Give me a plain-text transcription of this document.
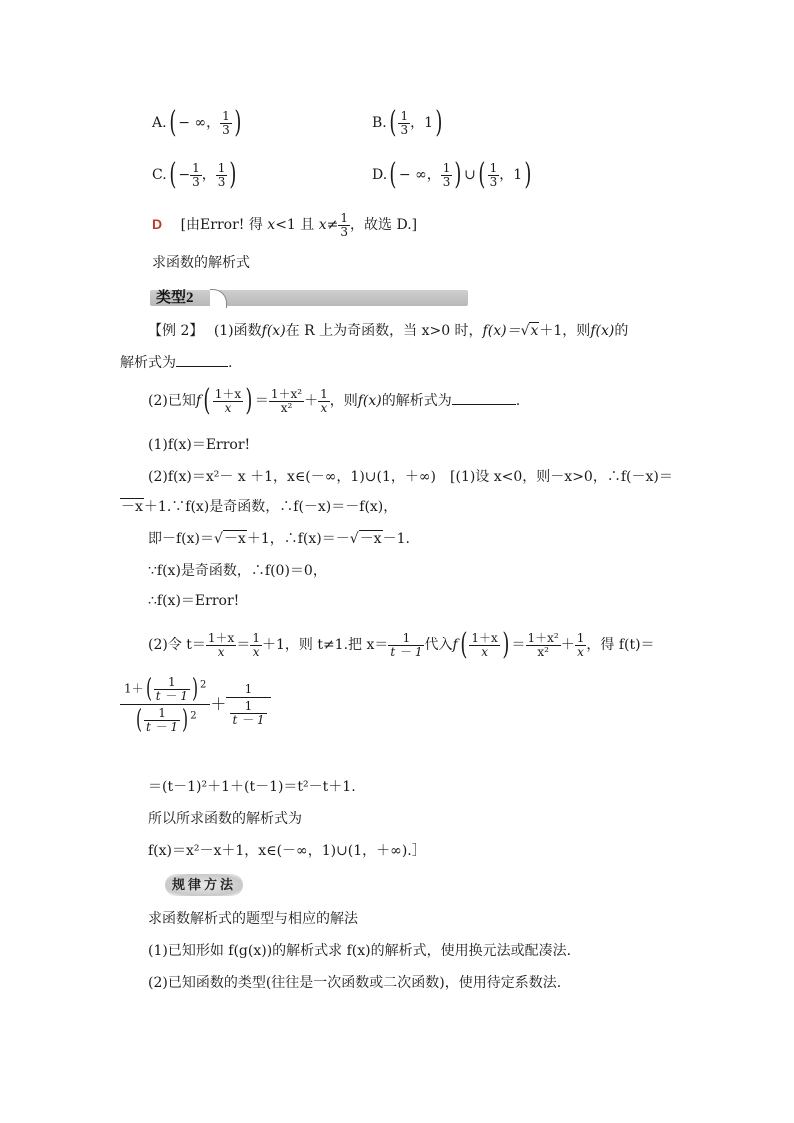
A.( − ∞， $\frac{1}{3}$ )	$B.( \frac{1}{3}$ ，1)
$C.( - \frac{1}{3}$ ， $\frac{1}{3}$ )	D.( − ∞， $\frac{1}{3}$ ) ∪( $\frac{1}{3}$ ，1)
D [由Error! 得 x<1 且 $x\ne \frac{1}{3}$ ，故选 D.]
求函数的解析式
类型2
【例 2】 (1)函数f(x)在 R 上为奇函数，当 x>0 时，f(x)＝√x＋1，则f(x)的
解析式为	.
(2)已知$f( \frac{1+x}{x}$ ) ＝ $\frac{\text{1＋x²}}{\text{x²}} + \frac{1}{x}$ ，则f(x)的解析式为	.
(1)f(x)＝Error!
(2)f(x)＝x²－ x ＋1，x∈(－∞，1)∪(1，＋∞)　[(1)设 x<0，则－x>0，∴f(－x)＝
－x＋1.∵f(x)是奇函数，∴f(－x)＝－f(x)，
即－f(x)＝√－x＋1，∴f(x)＝－√－x－1.
∵f(x)是奇函数，∴f(0)＝0，
∴f(x)＝Error!
(2)令 $t= \frac{1+x}{x} = \frac{1}{x} +1$，则 t≠1.把 $x= \frac{1}{t - 1}$ 代入$f( \frac{1+x}{x}$ ) ＝ $\frac{\text{1＋x²}}{\text{x²}} + \frac{1}{x}$ ，得 f(t)＝
$\frac{1+( \frac{1}{t - 1} ) ^2}{( \frac{1}{t - 1} ) ^2} + \frac{1}{\frac{1}{t - 1}}$
＝(t－1)²＋1＋(t－1)＝t²－t＋1.
所以所求函数的解析式为
f(x)＝x²－x＋1，x∈(－∞，1)∪(1，＋∞).］
规律方法
求函数解析式的题型与相应的解法
(1)已知形如 f(g(x))的解析式求 f(x)的解析式，使用换元法或配凑法.
(2)已知函数的类型(往往是一次函数或二次函数)，使用待定系数法.
